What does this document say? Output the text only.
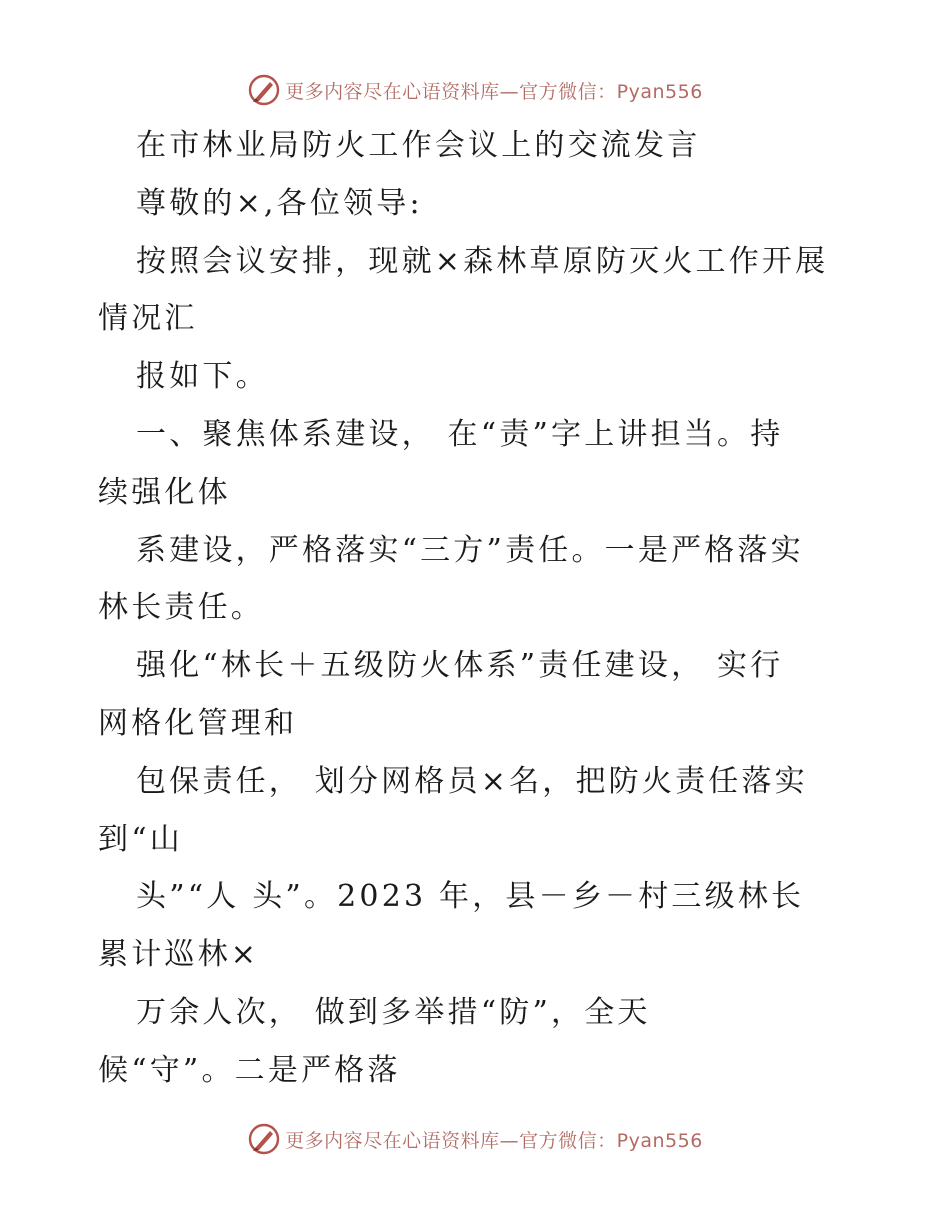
更多内容尽在心语资料库—官方微信：Pyan556
在市林业局防火工作会议上的交流发言
尊敬的×,各位领导:
按照会议安排，现就×森林草原防灭火工作开展
情况汇
报如下。
一、聚焦体系建设， 在“责”字上讲担当。持
续强化体
系建设，严格落实“三方”责任。一是严格落实
林长责任。
强化“林长＋五级防火体系”责任建设， 实行
网格化管理和
包保责任， 划分网格员×名，把防火责任落实
到“山
头”“人 头”。2023 年，县－乡－村三级林长
累计巡林×
万余人次， 做到多举措“防”，全天
候“守”。二是严格落
更多内容尽在心语资料库—官方微信：Pyan556
